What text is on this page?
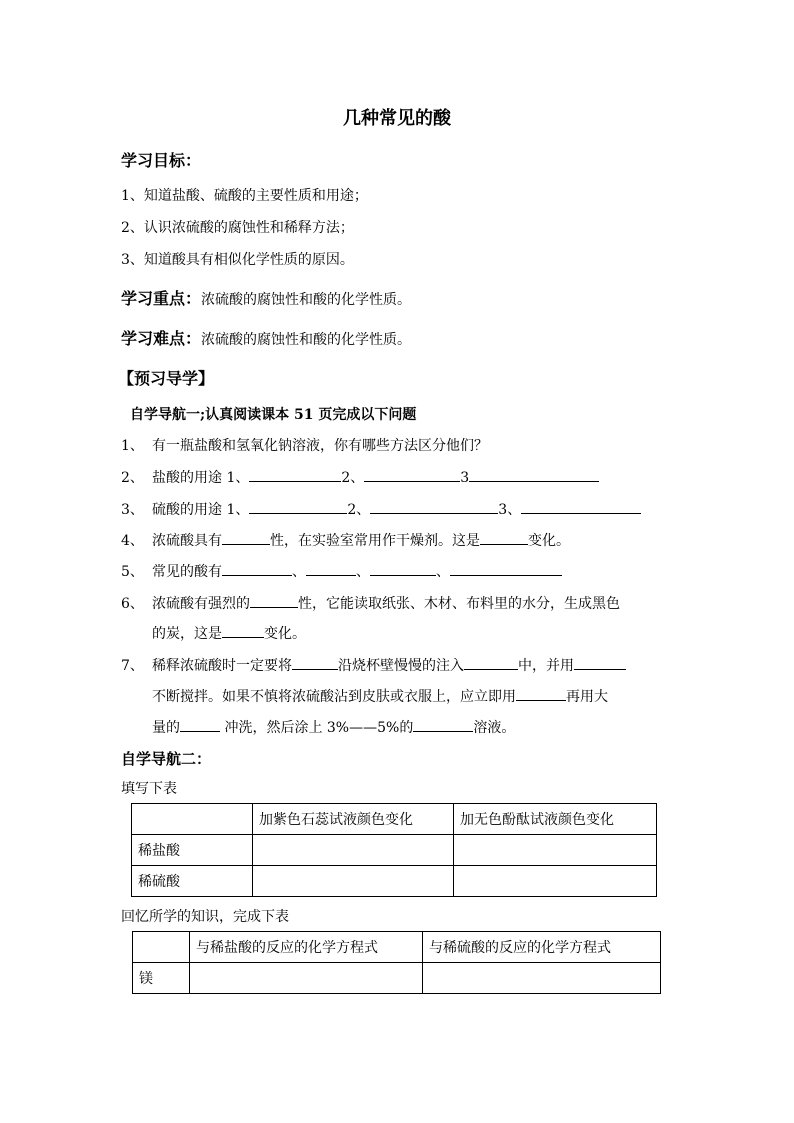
几种常见的酸
学习目标：
1、知道盐酸、硫酸的主要性质和用途；
2、认识浓硫酸的腐蚀性和稀释方法；
3、知道酸具有相似化学性质的原因。
学习重点：浓硫酸的腐蚀性和酸的化学性质。
学习难点：浓硫酸的腐蚀性和酸的化学性质。
【预习导学】
自学导航一;认真阅读课本 51 页完成以下问题
1、 有一瓶盐酸和氢氧化钠溶液，你有哪些方法区分他们？
2、 盐酸的用途 1、	2、	3
3、 硫酸的用途 1、	2、	3、
4、 浓硫酸具有	性，在实验室常用作干燥剂。这是	变化。
5、 常见的酸有	、	、	、
6、 浓硫酸有强烈的	性，它能读取纸张、木材、布料里的水分，生成黑色
的炭，这是	变化。
7、 稀释浓硫酸时一定要将	沿烧杯壁慢慢的注入	中，并用
不断搅拌。如果不慎将浓硫酸沾到皮肤或衣服上，应立即用	再用大
量的	冲洗，然后涂上 3%——5%的	溶液。
自学导航二：
填写下表
	加紫色石蕊试液颜色变化	加无色酚酞试液颜色变化
稀盐酸		
稀硫酸		
回忆所学的知识，完成下表
	与稀盐酸的反应的化学方程式	与稀硫酸的反应的化学方程式
镁		
